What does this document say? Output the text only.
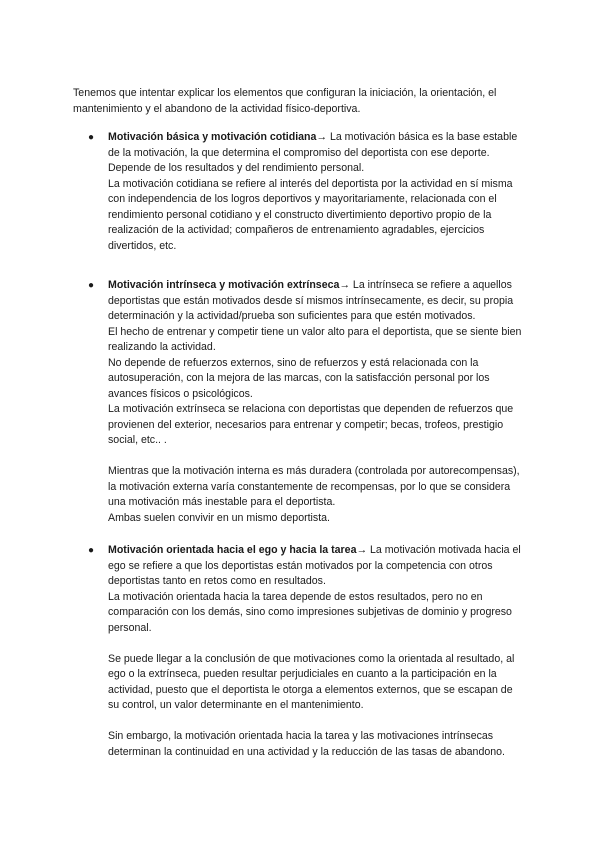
Tenemos que intentar explicar los elementos que configuran la iniciación, la orientación, el mantenimiento y el abandono de la actividad físico-deportiva.

● Motivación básica y motivación cotidiana→ La motivación básica es la base estable de la motivación, la que determina el compromiso del deportista con ese deporte.

Depende de los resultados y del rendimiento personal.

La motivación cotidiana se refiere al interés del deportista por la actividad en sí misma con independencia de los logros deportivos y mayoritariamente, relacionada con el rendimiento personal cotidiano y el constructo divertimiento deportivo propio de la realización de la actividad; compañeros de entrenamiento agradables, ejercicios divertidos, etc.

● Motivación intrínseca y motivación extrínseca→ La intrínseca se refiere a aquellos deportistas que están motivados desde sí mismos intrínsecamente, es decir, su propia determinación y la actividad/prueba son suficientes para que estén motivados.

El hecho de entrenar y competir tiene un valor alto para el deportista, que se siente bien realizando la actividad.

No depende de refuerzos externos, sino de refuerzos y está relacionada con la autosuperación, con la mejora de las marcas, con la satisfacción personal por los avances físicos o psicológicos.

La motivación extrínseca se relaciona con deportistas que dependen de refuerzos que provienen del exterior, necesarios para entrenar y competir; becas, trofeos, prestigio social, etc.. .

Mientras que la motivación interna es más duradera (controlada por autorecompensas), la motivación externa varía constantemente de recompensas, por lo que se considera una motivación más inestable para el deportista.

Ambas suelen convivir en un mismo deportista.

● Motivación orientada hacia el ego y hacia la tarea→ La motivación motivada hacia el ego se refiere a que los deportistas están motivados por la competencia con otros deportistas tanto en retos como en resultados.

La motivación orientada hacia la tarea depende de estos resultados, pero no en comparación con los demás, sino como impresiones subjetivas de dominio y progreso personal.

Se puede llegar a la conclusión de que motivaciones como la orientada al resultado, al ego o la extrínseca, pueden resultar perjudiciales en cuanto a la participación en la actividad, puesto que el deportista le otorga a elementos externos, que se escapan de su control, un valor determinante en el mantenimiento.

Sin embargo, la motivación orientada hacia la tarea y las motivaciones intrínsecas determinan la continuidad en una actividad y la reducción de las tasas de abandono.
